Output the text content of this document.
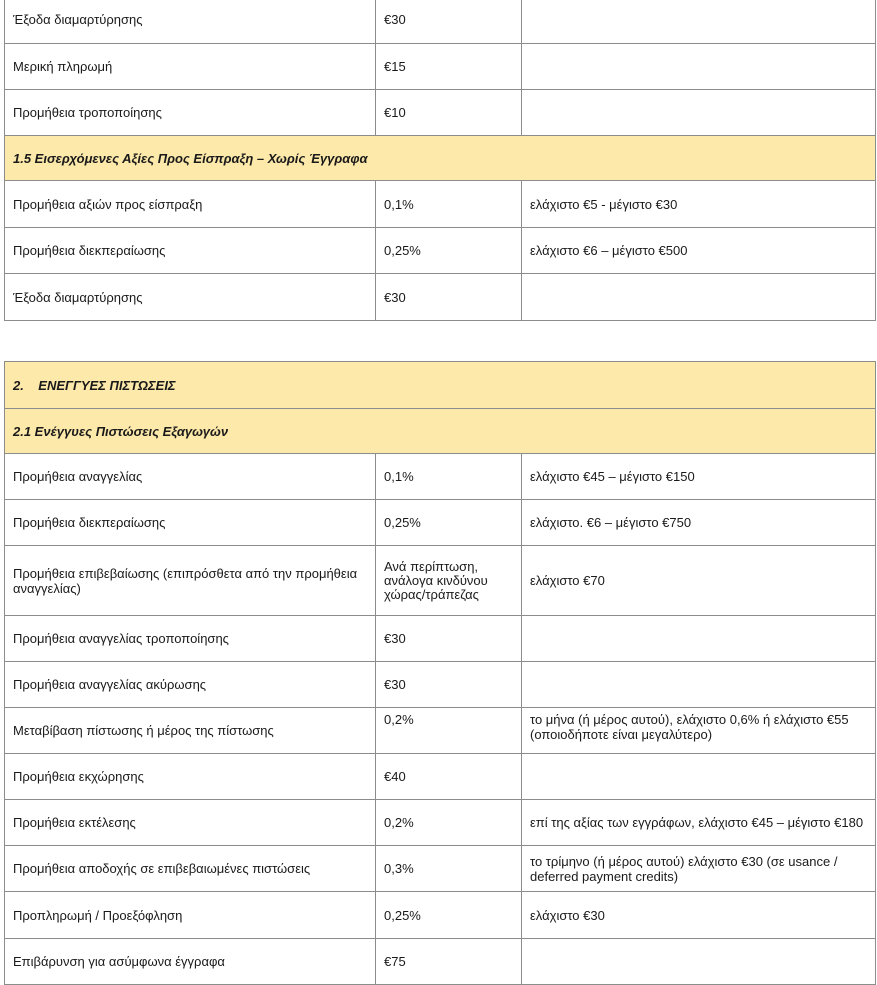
Έξοδα διαμαρτύρησης	€30	
Μερική πληρωμή	€15	
Προμήθεια τροποποίησης	€10	
1.5 Εισερχόμενες Αξίες Προς Είσπραξη – Χωρίς Έγγραφα		
Προμήθεια αξιών προς είσπραξη	0,1%	ελάχιστο €5 - μέγιστο €30
Προμήθεια διεκπεραίωσης	0,25%	ελάχιστο €6 – μέγιστο €500
Έξοδα διαμαρτύρησης	€30	
2.    ΕΝΕΓΓΥΕΣ ΠΙΣΤΩΣΕΙΣ		
2.1 Ενέγγυες Πιστώσεις Εξαγωγών		
Προμήθεια αναγγελίας	0,1%	ελάχιστο €45 – μέγιστο €150
Προμήθεια διεκπεραίωσης	0,25%	ελάχιστο. €6 – μέγιστο €750
Προμήθεια επιβεβαίωσης (επιπρόσθετα από την προμήθεια αναγγελίας)	Ανά περίπτωση, ανάλογα κινδύνου χώρας/τράπεζας	ελάχιστο €70
Προμήθεια αναγγελίας τροποποίησης	€30	
Προμήθεια αναγγελίας ακύρωσης	€30	
Μεταβίβαση πίστωσης ή μέρος της πίστωσης	0,2%	το μήνα (ή μέρος αυτού), ελάχιστο 0,6% ή ελάχιστο €55 (οποιοδήποτε είναι μεγαλύτερο)
Προμήθεια εκχώρησης	€40	
Προμήθεια εκτέλεσης	0,2%	επί της αξίας των εγγράφων, ελάχιστο €45 – μέγιστο €180
Προμήθεια αποδοχής σε επιβεβαιωμένες πιστώσεις	0,3%	το τρίμηνο (ή μέρος αυτού) ελάχιστο €30 (σε usance / deferred payment credits)
Προπληρωμή / Προεξόφληση	0,25%	ελάχιστο €30
Επιβάρυνση για ασύμφωνα έγγραφα	€75	
